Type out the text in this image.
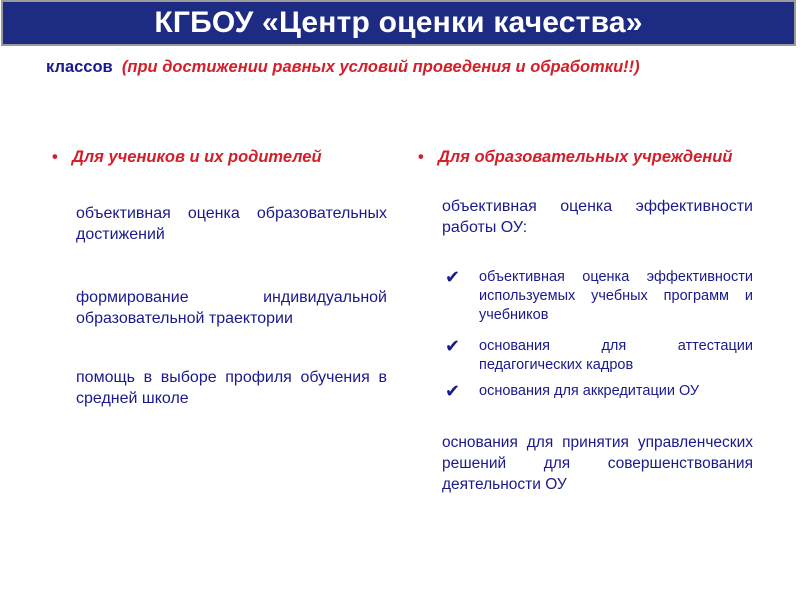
КГБОУ «Центр оценки качества»
классов (при достижении равных условий проведения и обработки!!)
• Для учеников и их родителей
объективная оценка образовательных достижений
формирование индивидуальной образовательной траектории
помощь в выборе профиля обучения в средней школе
• Для образовательных учреждений
объективная оценка эффективности работы ОУ:
✔	объективная оценка эффективности используемых учебных программ и учебников
✔	основания для аттестации педагогических кадров
✔	основания для аккредитации ОУ
основания для принятия управленческих решений для совершенствования деятельности ОУ
